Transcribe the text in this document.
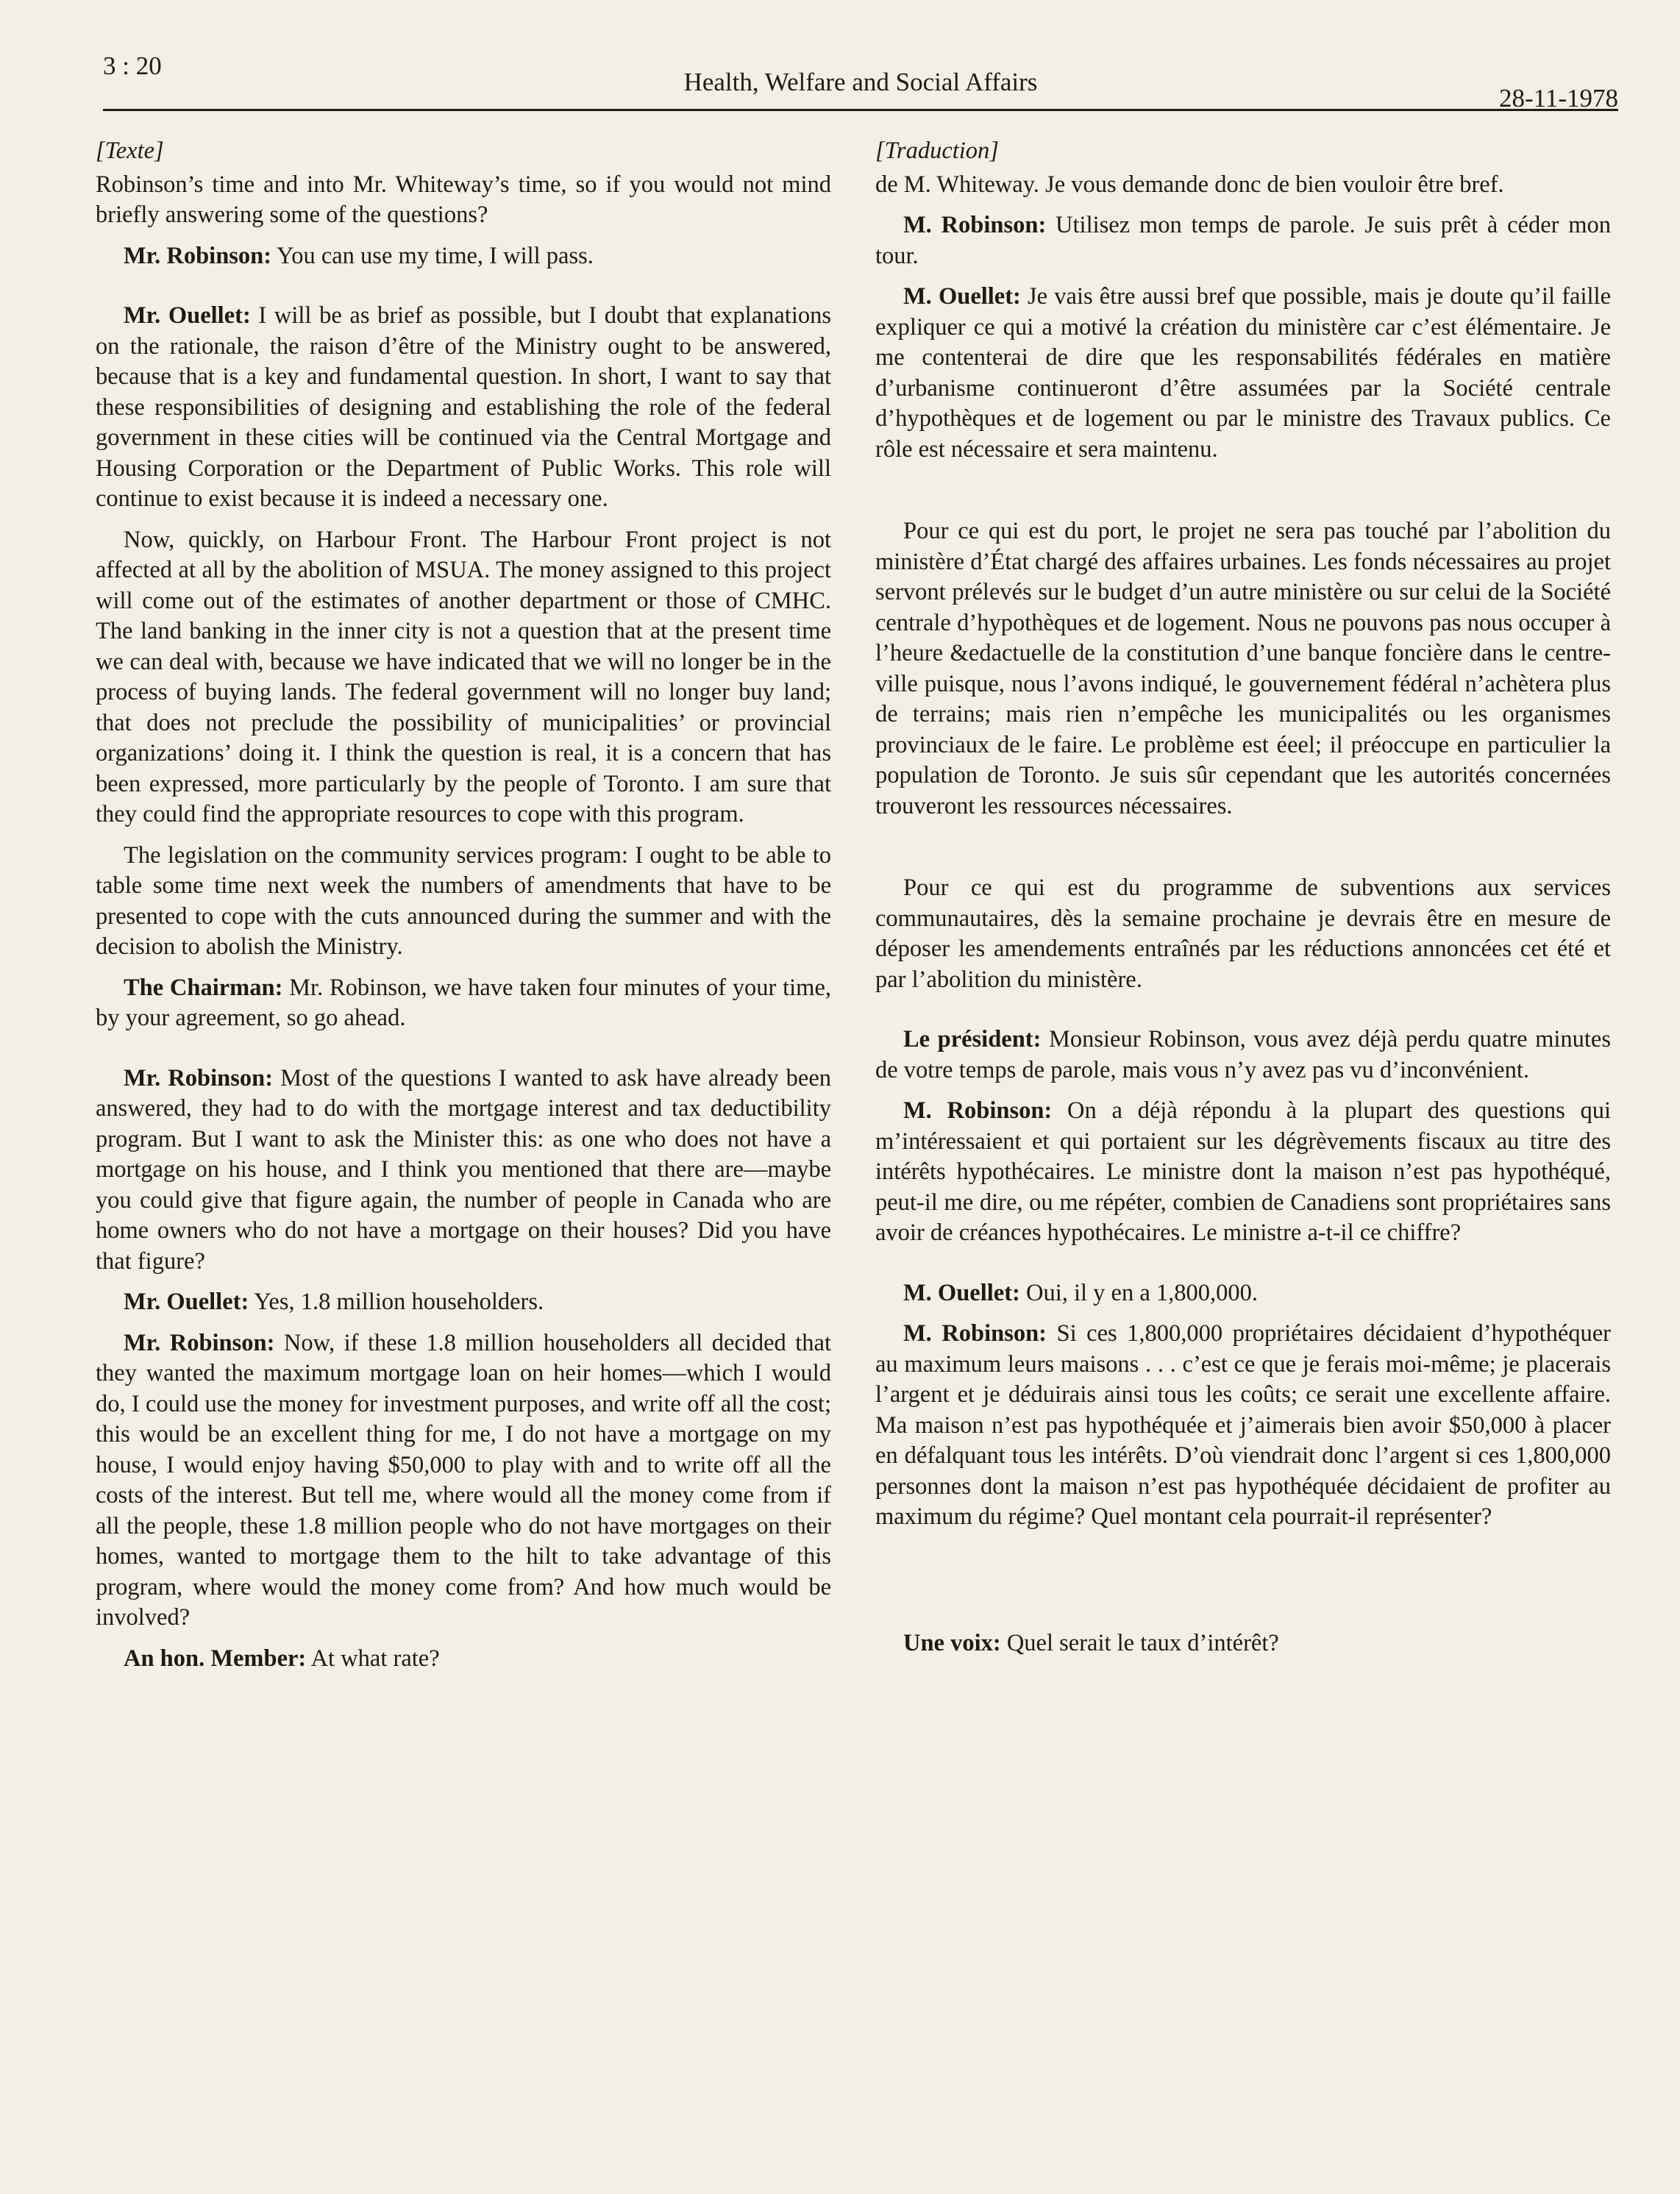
3 : 20
Health, Welfare and Social Affairs
28-11-1978

[Texte]

Robinson’s time and into Mr. Whiteway’s time, so if you would not mind briefly answering some of the questions?

Mr. Robinson: You can use my time, I will pass.

Mr. Ouellet: I will be as brief as possible, but I doubt that explanations on the rationale, the raison d’être of the Ministry ought to be answered, because that is a key and fundamental question. In short, I want to say that these responsibilities of designing and establishing the role of the federal government in these cities will be continued via the Central Mortgage and Housing Corporation or the Department of Public Works. This role will continue to exist because it is indeed a necessary one.

Now, quickly, on Harbour Front. The Harbour Front project is not affected at all by the abolition of MSUA. The money assigned to this project will come out of the estimates of another department or those of CMHC. The land banking in the inner city is not a question that at the present time we can deal with, because we have indicated that we will no longer be in the process of buying lands. The federal government will no longer buy land; that does not preclude the possibility of municipalities’ or provincial organizations’ doing it. I think the question is real, it is a concern that has been expressed, more particularly by the people of Toronto. I am sure that they could find the appropriate resources to cope with this program.

The legislation on the community services program: I ought to be able to table some time next week the numbers of amendments that have to be presented to cope with the cuts announced during the summer and with the decision to abolish the Ministry.

The Chairman: Mr. Robinson, we have taken four minutes of your time, by your agreement, so go ahead.

Mr. Robinson: Most of the questions I wanted to ask have already been answered, they had to do with the mortgage interest and tax deductibility program. But I want to ask the Minister this: as one who does not have a mortgage on his house, and I think you mentioned that there are—maybe you could give that figure again, the number of people in Canada who are home owners who do not have a mortgage on their houses? Did you have that figure?

Mr. Ouellet: Yes, 1.8 million householders.

Mr. Robinson: Now, if these 1.8 million householders all decided that they wanted the maximum mortgage loan on heir homes—which I would do, I could use the money for investment purposes, and write off all the cost; this would be an excellent thing for me, I do not have a mortgage on my house, I would enjoy having $50,000 to play with and to write off all the costs of the interest. But tell me, where would all the money come from if all the people, these 1.8 million people who do not have mortgages on their homes, wanted to mortgage them to the hilt to take advantage of this program, where would the money come from? And how much would be involved?

An hon. Member: At what rate?

[Traduction]

de M. Whiteway. Je vous demande donc de bien vouloir être bref.

M. Robinson: Utilisez mon temps de parole. Je suis prêt à céder mon tour.

M. Ouellet: Je vais être aussi bref que possible, mais je doute qu’il faille expliquer ce qui a motivé la création du ministère car c’est élémentaire. Je me contenterai de dire que les responsabilités fédérales en matière d’urbanisme continueront d’être assumées par la Société centrale d’hypothèques et de logement ou par le ministre des Travaux publics. Ce rôle est nécessaire et sera maintenu.

Pour ce qui est du port, le projet ne sera pas touché par l’abolition du ministère d’État chargé des affaires urbaines. Les fonds nécessaires au projet servont prélevés sur le budget d’un autre ministère ou sur celui de la Société centrale d’hypothèques et de logement. Nous ne pouvons pas nous occuper à l’heure &edactuelle de la constitution d’une banque foncière dans le centre-ville puisque, nous l’avons indiqué, le gouvernement fédéral n’achètera plus de terrains; mais rien n’empêche les municipalités ou les organismes provinciaux de le faire. Le problème est éeel; il préoccupe en particulier la population de Toronto. Je suis sûr cependant que les autorités concernées trouveront les ressources nécessaires.

Pour ce qui est du programme de subventions aux services communautaires, dès la semaine prochaine je devrais être en mesure de déposer les amendements entraînés par les réductions annoncées cet été et par l’abolition du ministère.

Le président: Monsieur Robinson, vous avez déjà perdu quatre minutes de votre temps de parole, mais vous n’y avez pas vu d’inconvénient.

M. Robinson: On a déjà répondu à la plupart des questions qui m’intéressaient et qui portaient sur les dégrèvements fiscaux au titre des intérêts hypothécaires. Le ministre dont la maison n’est pas hypothéqué, peut-il me dire, ou me répéter, combien de Canadiens sont propriétaires sans avoir de créances hypothécaires. Le ministre a-t-il ce chiffre?

M. Ouellet: Oui, il y en a 1,800,000.

M. Robinson: Si ces 1,800,000 propriétaires décidaient d’hypothéquer au maximum leurs maisons . . . c’est ce que je ferais moi-même; je placerais l’argent et je déduirais ainsi tous les coûts; ce serait une excellente affaire. Ma maison n’est pas hypothéquée et j’aimerais bien avoir $50,000 à placer en défalquant tous les intérêts. D’où viendrait donc l’argent si ces 1,800,000 personnes dont la maison n’est pas hypothéquée décidaient de profiter au maximum du régime? Quel montant cela pourrait-il représenter?

Une voix: Quel serait le taux d’intérêt?
